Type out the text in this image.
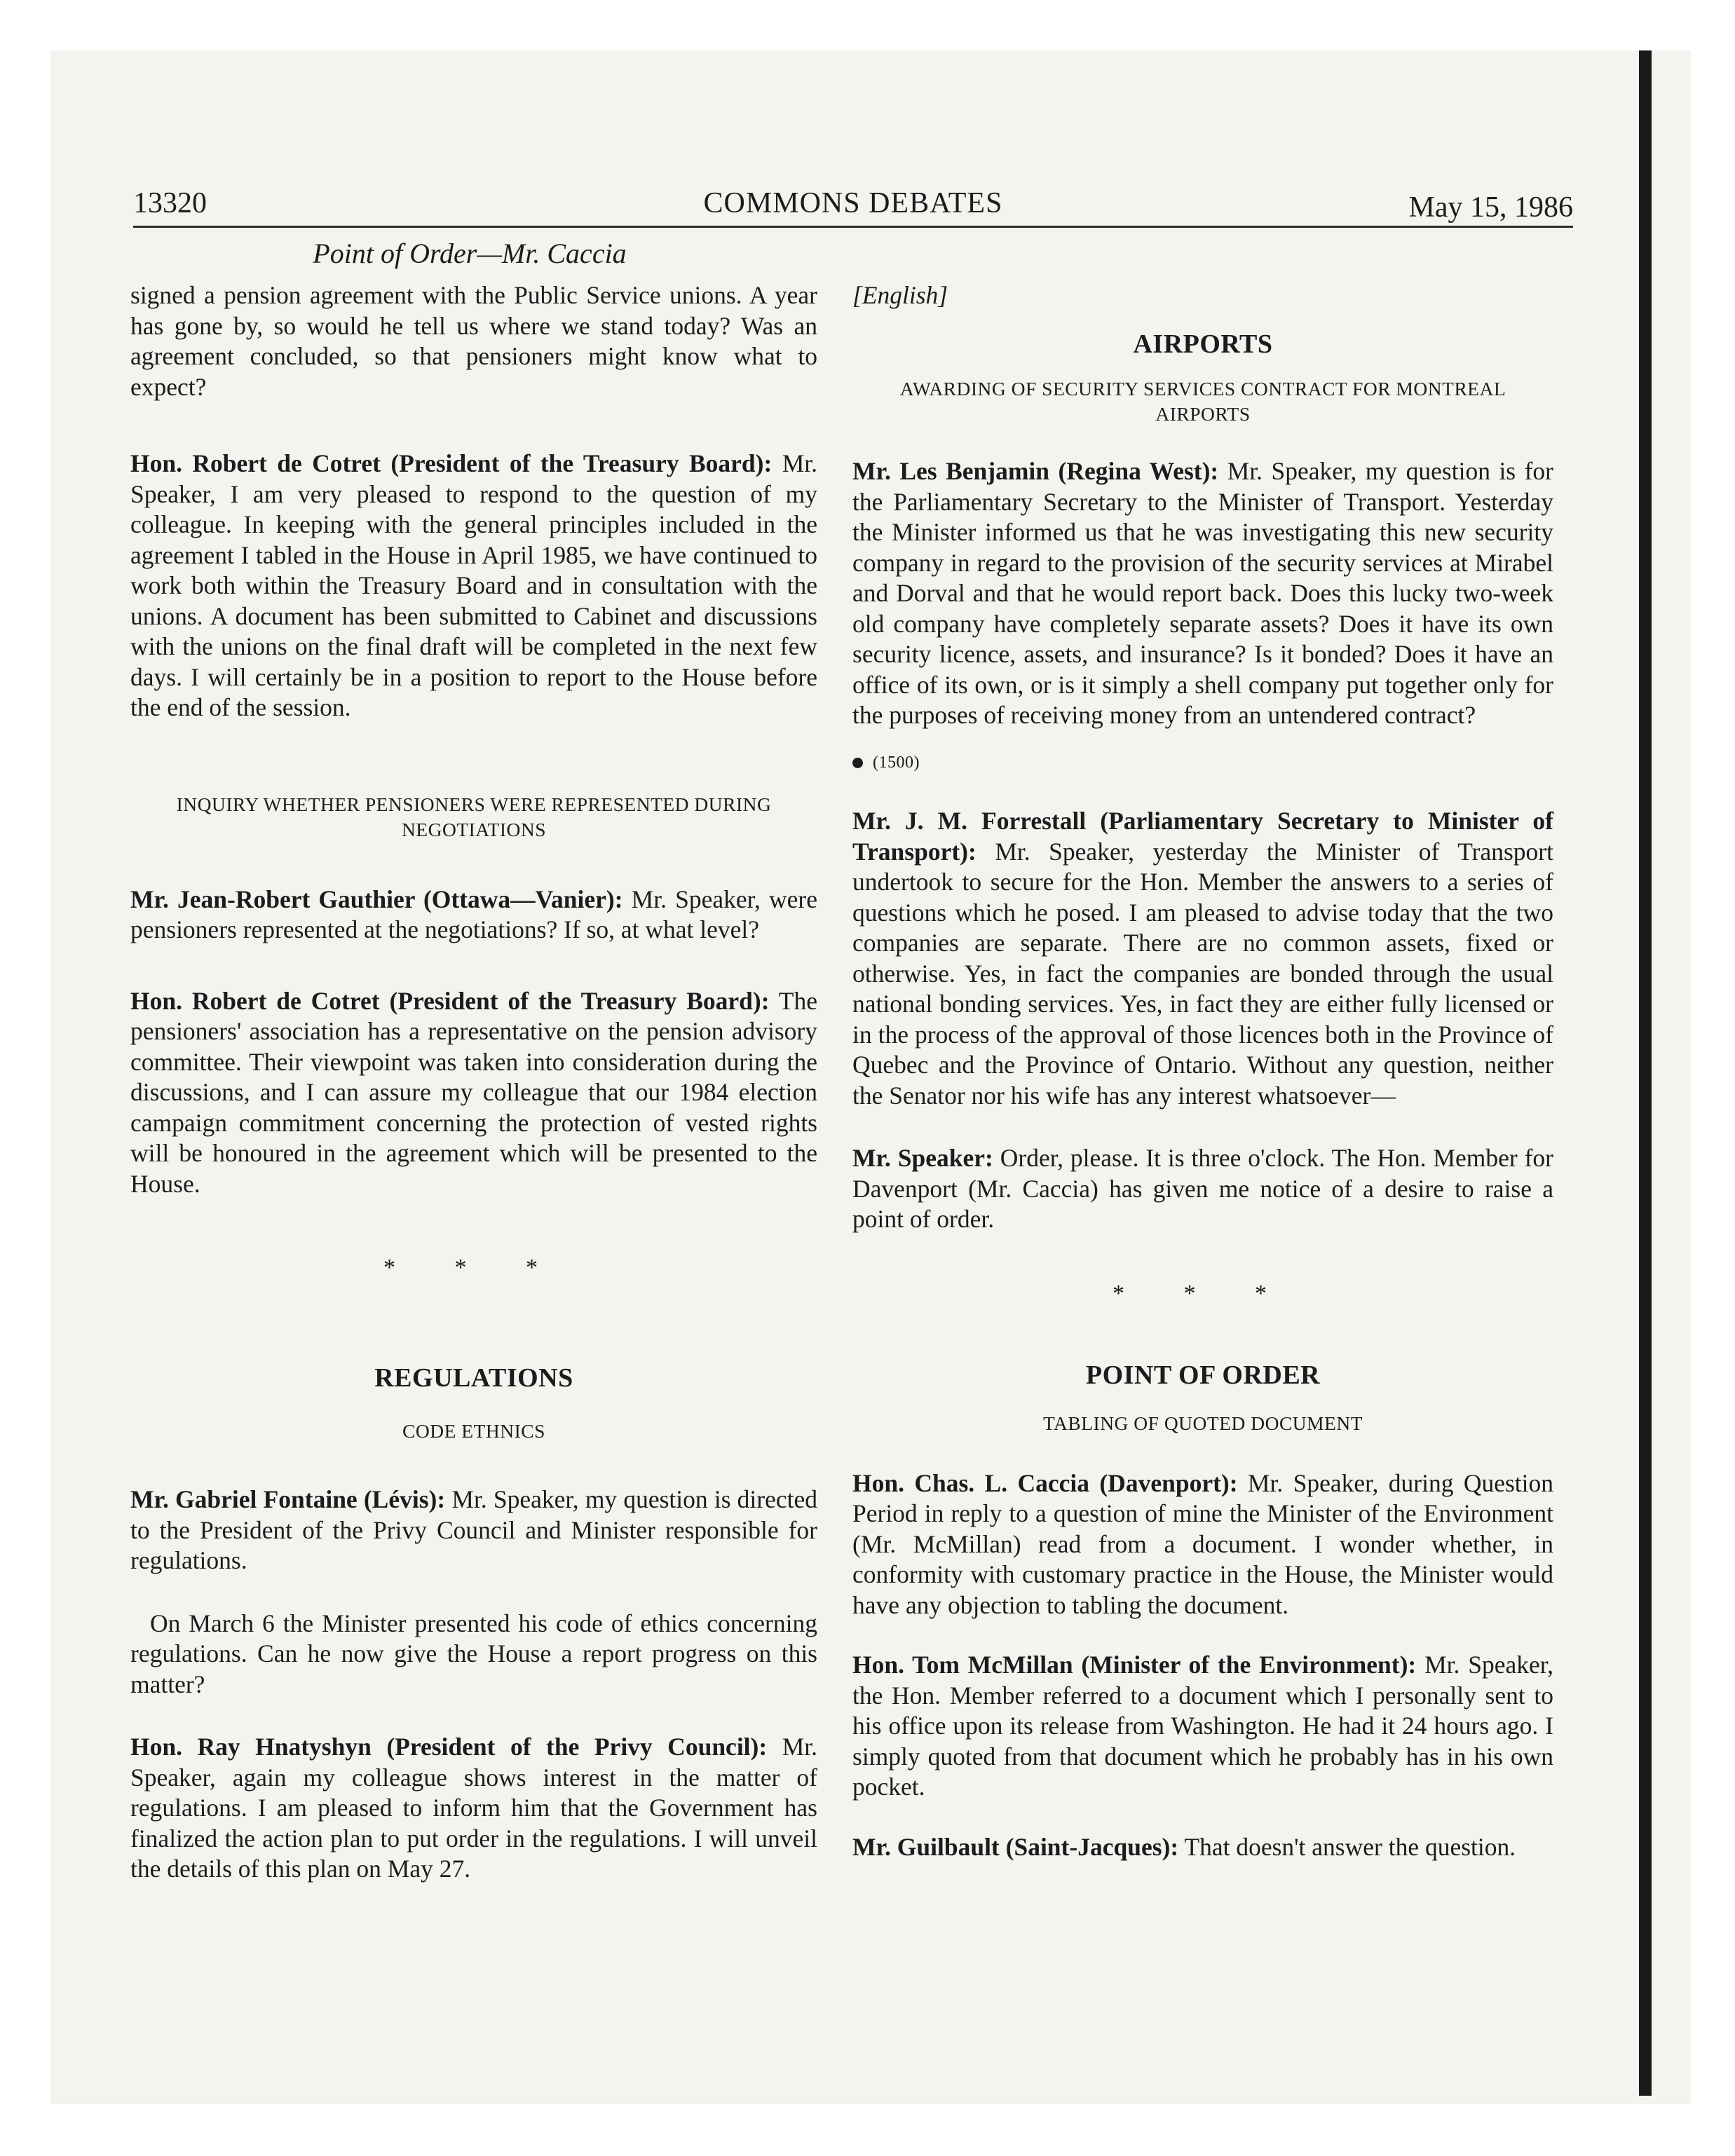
13320	COMMONS DEBATES	May 15, 1986
Point of Order—Mr. Caccia

signed a pension agreement with the Public Service unions. A year has gone by, so would he tell us where we stand today? Was an agreement concluded, so that pensioners might know what to expect?

Hon. Robert de Cotret (President of the Treasury Board): Mr. Speaker, I am very pleased to respond to the question of my colleague. In keeping with the general principles included in the agreement I tabled in the House in April 1985, we have continued to work both within the Treasury Board and in consultation with the unions. A document has been submitted to Cabinet and discussions with the unions on the final draft will be completed in the next few days. I will certainly be in a position to report to the House before the end of the session.

INQUIRY WHETHER PENSIONERS WERE REPRESENTED DURING NEGOTIATIONS

Mr. Jean-Robert Gauthier (Ottawa—Vanier): Mr. Speaker, were pensioners represented at the negotiations? If so, at what level?

Hon. Robert de Cotret (President of the Treasury Board): The pensioners' association has a representative on the pension advisory committee. Their viewpoint was taken into consideration during the discussions, and I can assure my colleague that our 1984 election campaign commitment concerning the protection of vested rights will be honoured in the agreement which will be presented to the House.

* * *
REGULATIONS
CODE ETHNICS

Mr. Gabriel Fontaine (Lévis): Mr. Speaker, my question is directed to the President of the Privy Council and Minister responsible for regulations.

On March 6 the Minister presented his code of ethics concerning regulations. Can he now give the House a report progress on this matter?

Hon. Ray Hnatyshyn (President of the Privy Council): Mr. Speaker, again my colleague shows interest in the matter of regulations. I am pleased to inform him that the Government has finalized the action plan to put order in the regulations. I will unveil the details of this plan on May 27.

[English]
AIRPORTS
AWARDING OF SECURITY SERVICES CONTRACT FOR MONTREAL AIRPORTS

Mr. Les Benjamin (Regina West): Mr. Speaker, my question is for the Parliamentary Secretary to the Minister of Transport. Yesterday the Minister informed us that he was investigating this new security company in regard to the provision of the security services at Mirabel and Dorval and that he would report back. Does this lucky two-week old company have completely separate assets? Does it have its own security licence, assets, and insurance? Is it bonded? Does it have an office of its own, or is it simply a shell company put together only for the purposes of receiving money from an untendered contract?

(1500)

Mr. J. M. Forrestall (Parliamentary Secretary to Minister of Transport): Mr. Speaker, yesterday the Minister of Transport undertook to secure for the Hon. Member the answers to a series of questions which he posed. I am pleased to advise today that the two companies are separate. There are no common assets, fixed or otherwise. Yes, in fact the companies are bonded through the usual national bonding services. Yes, in fact they are either fully licensed or in the process of the approval of those licences both in the Province of Quebec and the Province of Ontario. Without any question, neither the Senator nor his wife has any interest whatsoever—

Mr. Speaker: Order, please. It is three o'clock. The Hon. Member for Davenport (Mr. Caccia) has given me notice of a desire to raise a point of order.

* * *
POINT OF ORDER
TABLING OF QUOTED DOCUMENT

Hon. Chas. L. Caccia (Davenport): Mr. Speaker, during Question Period in reply to a question of mine the Minister of the Environment (Mr. McMillan) read from a document. I wonder whether, in conformity with customary practice in the House, the Minister would have any objection to tabling the document.

Hon. Tom McMillan (Minister of the Environment): Mr. Speaker, the Hon. Member referred to a document which I personally sent to his office upon its release from Washington. He had it 24 hours ago. I simply quoted from that document which he probably has in his own pocket.

Mr. Guilbault (Saint-Jacques): That doesn't answer the question.
